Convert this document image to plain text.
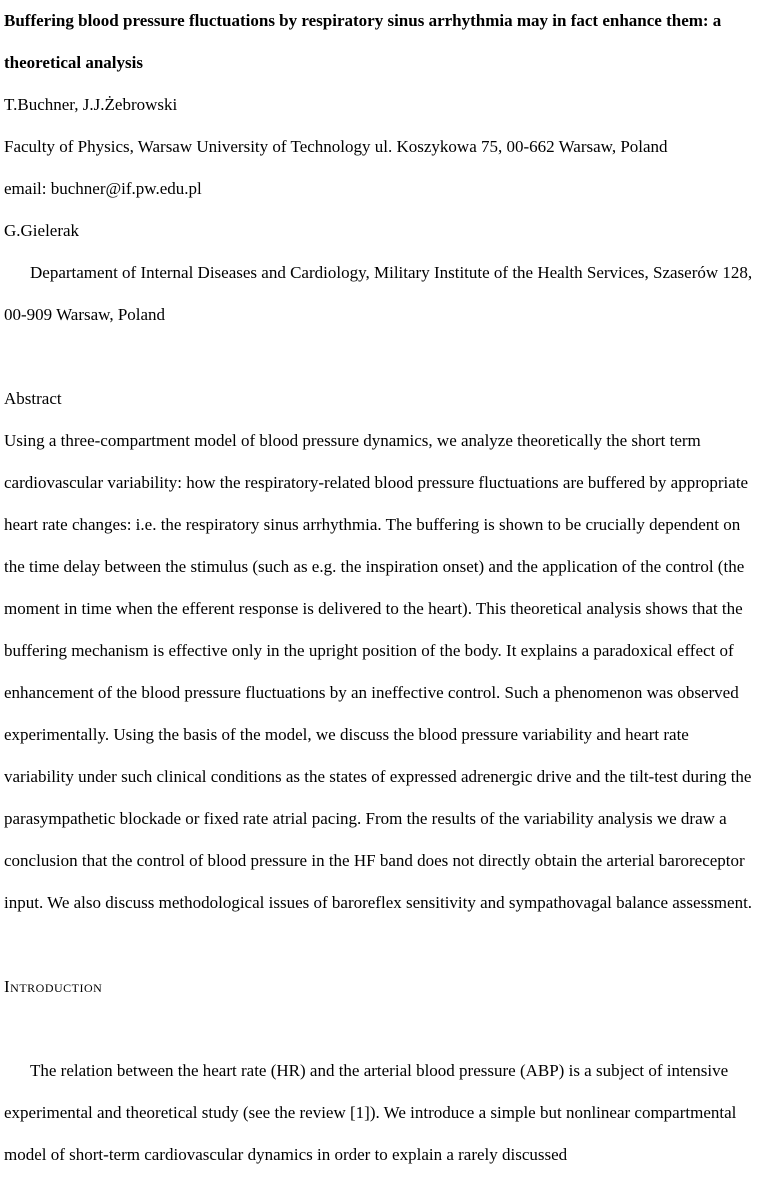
Buffering blood pressure fluctuations by respiratory sinus arrhythmia may in fact enhance them: a theoretical analysis

T.Buchner, J.J.Żebrowski

Faculty of Physics, Warsaw University of Technology ul. Koszykowa 75, 00-662 Warsaw, Poland

email: buchner@if.pw.edu.pl

G.Gielerak

Departament of Internal Diseases and Cardiology, Military Institute of the Health Services, Szaserów 128, 00-909 Warsaw, Poland

Abstract

Using a three-compartment model of blood pressure dynamics, we analyze theoretically the short term cardiovascular variability: how the respiratory-related blood pressure fluctuations are buffered by appropriate heart rate changes: i.e. the respiratory sinus arrhythmia. The buffering is shown to be crucially dependent on the time delay between the stimulus (such as e.g. the inspiration onset) and the application of the control (the moment in time when the efferent response is delivered to the heart). This theoretical analysis shows that the buffering mechanism is effective only in the upright position of the body. It explains a paradoxical effect of enhancement of the blood pressure fluctuations by an ineffective control. Such a phenomenon was observed experimentally. Using the basis of the model, we discuss the blood pressure variability and heart rate variability under such clinical conditions as the states of expressed adrenergic drive and the tilt-test during the parasympathetic blockade or fixed rate atrial pacing. From the results of the variability analysis we draw a conclusion that the control of blood pressure in the HF band does not directly obtain the arterial baroreceptor input. We also discuss methodological issues of baroreflex sensitivity and sympathovagal balance assessment.

Introduction

The relation between the heart rate (HR) and the arterial blood pressure (ABP) is a subject of intensive experimental and theoretical study (see the review [1]). We introduce a simple but nonlinear compartmental model of short-term cardiovascular dynamics in order to explain a rarely discussed
